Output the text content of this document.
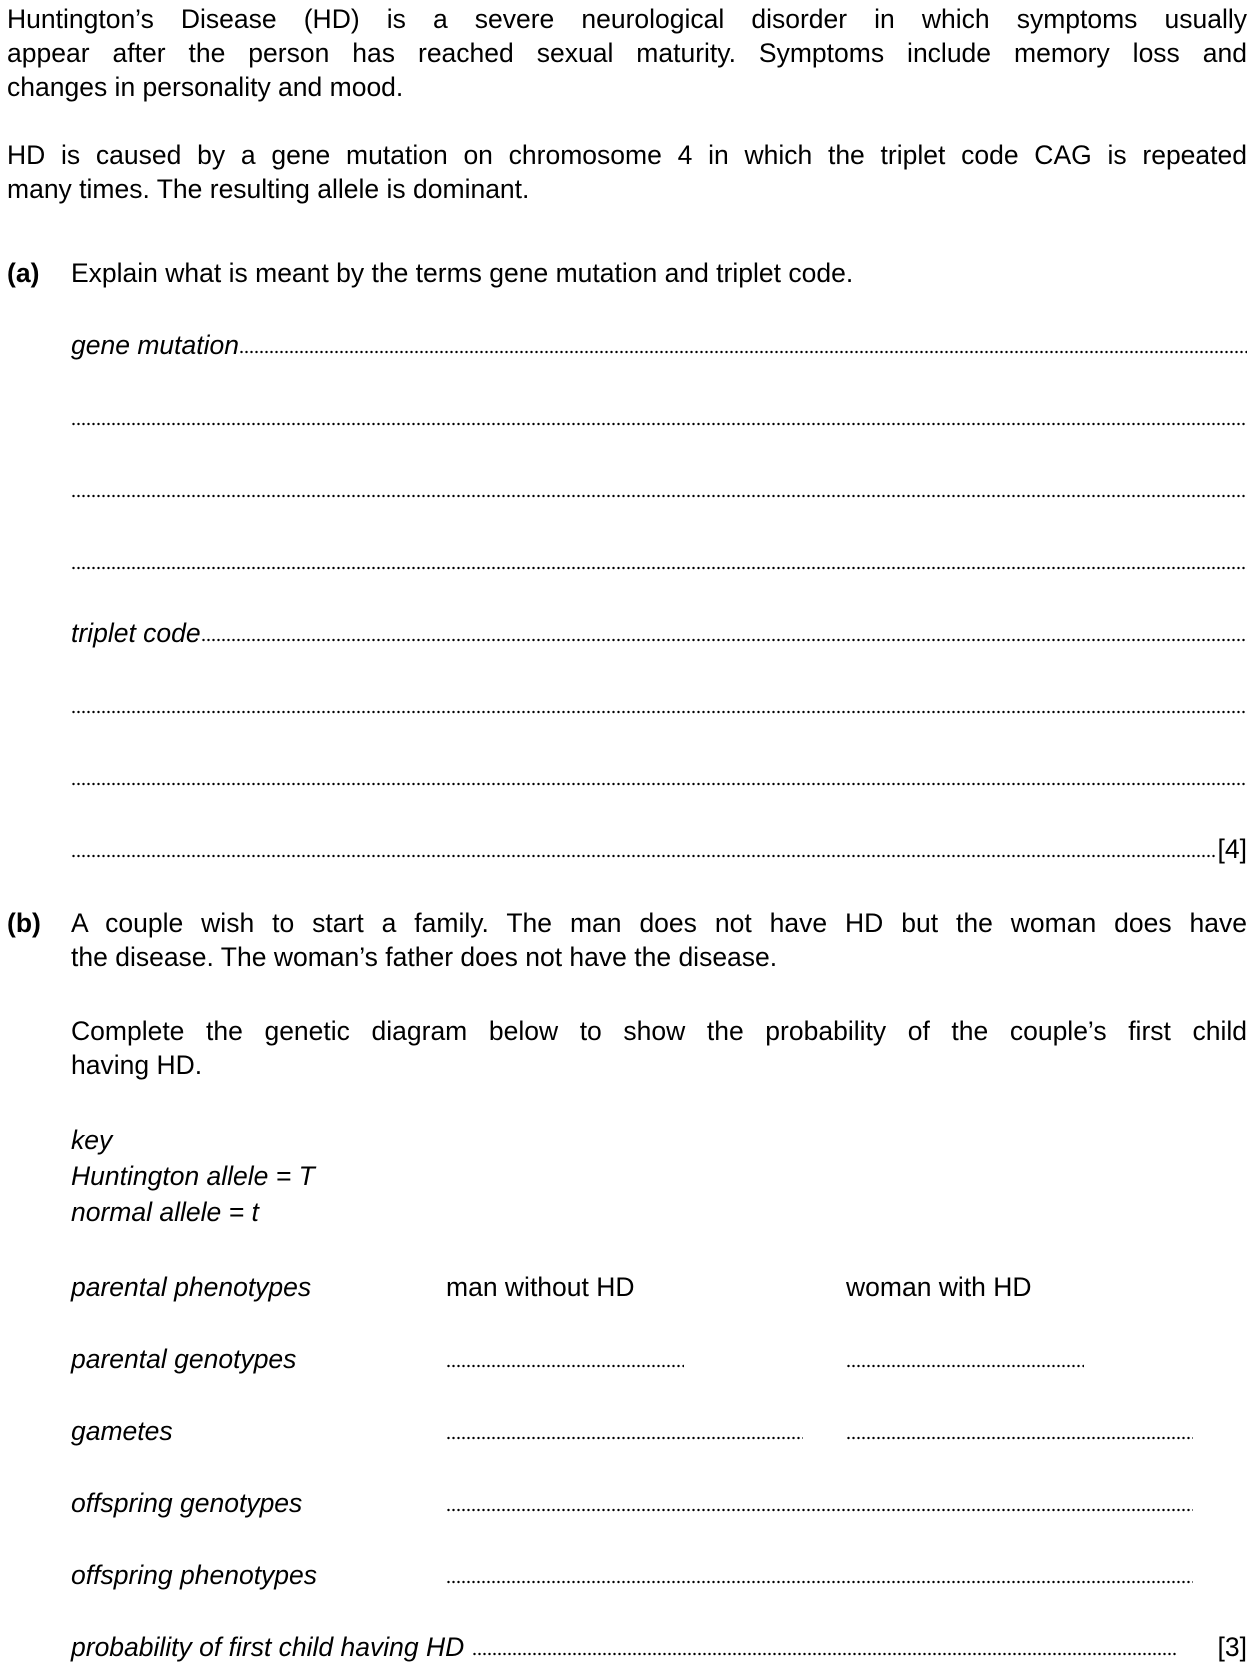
Huntington’s Disease (HD) is a severe neurological disorder in which symptoms usually
appear after the person has reached sexual maturity. Symptoms include memory loss and
changes in personality and mood.
HD is caused by a gene mutation on chromosome 4 in which the triplet code CAG is repeated
many times. The resulting allele is dominant.
(a) Explain what is meant by the terms gene mutation and triplet code.
gene mutation
triplet code
[4]
(b) A couple wish to start a family. The man does not have HD but the woman does have
the disease. The woman’s father does not have the disease.
Complete the genetic diagram below to show the probability of the couple’s first child
having HD.
key
Huntington allele = T
normal allele = t
parental phenotypes	man without HD	woman with HD
parental genotypes
gametes
offspring genotypes
offspring phenotypes
probability of first child having HD	[3]
